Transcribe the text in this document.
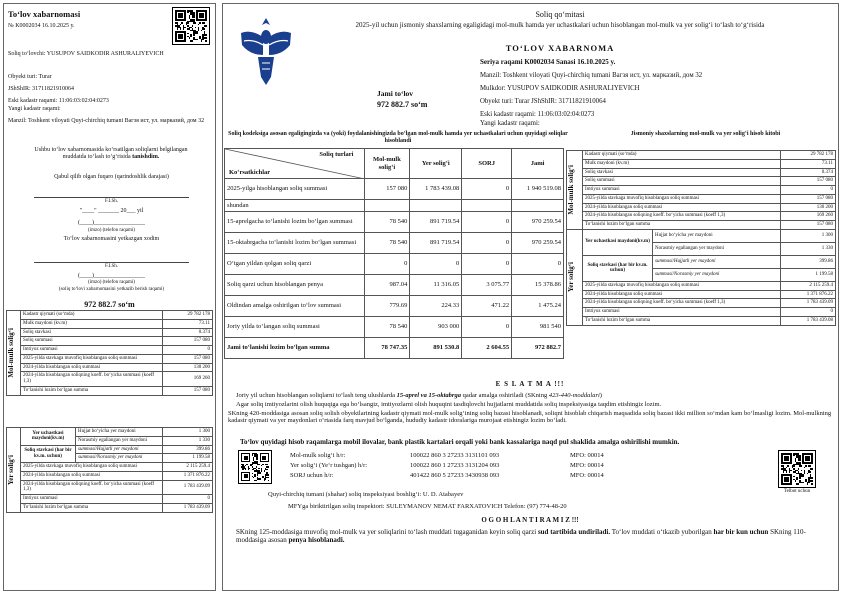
To‘lov xabarnomasi
№ K0002034 16.10.2025 y.
Soliq to‘lovchi: YUSUPOV SAIDKODIR ASHURALIYEVICH
Obyekt turi: Turar
JShShIR: 31711821910064
Eski kadastr raqami: 11:06:03:02:04:0273
Yangi kadastr raqami:
Manzil: Toshkent viloyati Quyi-chirchiq tumani Вагзя ист, ул. марказий, дом 32
Ushbu to‘lov xabarnomasida ko‘rsatilgan soliqlarni belgilangan muddatda to‘lash to‘g‘risida tanishdim.
Qabul qilib olgan fuqaro (qarindoshlik darajasi)
F.I.Sh.
"____" _______ 20___ yil
(____)_________________
(imzo) (telefon raqami)
To‘lov xabarnomasini yetkazgan xodim
F.I.Sh.
(____)_________________
(imzo) (telefon raqami)
(soliq to‘lovi xabarnomasini yetkazib berish raqami)
972 882.7 so‘m
Mol-mulk solig‘i	Kadastr qiymati (so‘mda)	29 782 178
	Mulk maydoni (kv.m)	73.11
	Soliq stavkasi	0.374
	Soliq summasi	157 080
	Imtiyoz summasi	0
	2025-yilda stavkaga muvofiq hisoblangan soliq summasi	157 080
	2024-yilda hisoblangan soliq summasi	130 200
	2024-yilda hisoblangan soliqning koeff. bo‘yicha summasi (koeff 1,3)	169 260
	To‘lanishi lozim bo‘lgan summa	157 080
Yer solig‘i	Yer uchastkasi maydoni(kv.m)	Hujjat bo‘yicha yer maydoni	1 300
		Norasmiy egallangan yer maydoni	1 330
	Soliq stavkasi (har bir kv.m. uchun)	summasi/Hujjatli yer maydoni	399.86
		summasi/Norasmiy yer maydoni	1 199.58
	2025-yilda stavkaga muvofiq hisoblangan soliq summasi		2 115 259.4
	2024-yilda hisoblangan soliq summasi		1 371 876.22
	2024-yilda hisoblangan soliqning koeff. bo‘yicha summasi (koeff 1,3)		1 783 439.09
	Imtiyoz summasi		0
	To‘lanishi lozim bo‘lgan summa		1 783 439.09
Soliq qo‘mitasi
2025-yil uchun jismoniy shaxslarning egaligidagi mol-mulk hamda yer uchastkalari uchun hisoblangan mol-mulk va yer solig‘i to‘lash to‘g‘risida
TO‘LOV XABARNOMA
Seriya raqami K0002034 Sanasi 16.10.2025 y.
Manzil: Toshkent viloyati Quyi-chirchiq tumani Вагзя ист, ул. марказий, дом 32
Mulkdor: YUSUPOV SAIDKODIR ASHURALIYEVICH
Obyekt turi: Turar JShShIR: 31711821910064
Eski kadastr raqami: 11:06:03:02:04:0273
Yangi kadastr raqami:
Jami to‘lov
972 882.7 so‘m
Soliq kodeksiga asosan egaligingizda va (yoki) foydalanishingizda bo‘lgan mol-mulk hamda yer uchastkalari uchun quyidagi soliqlar hisoblandi
Jismoniy shaxslarning mol-mulk va yer solig‘i hisob kitobi
Soliq turlari
Ko‘rsatkichlar	Mol-mulk solig‘i	Yer solig‘i	SORJ	Jami
2025-yilga hisoblangan soliq summasi	157 080	1 783 439.08	0	1 940 519.08
shundan				
15-aprelgacha to‘lanishi lozim bo‘lgan summasi	78 540	891 719.54	0	970 259.54
15-oktabrgacha to‘lanishi lozim bo‘lgan summasi	78 540	891 719.54	0	970 259.54
O‘tgan yildan qolgan soliq qarzi	0	0	0	0
Soliq qarzi uchun hisoblangan penya	987.04	11 316.05	3 075.77	15 378.86
Oldindan amalga oshirilgan to‘lov summasi	779.69	224.33	471.22	1 475.24
Joriy yilda to‘langan soliq summasi	78 540	903 000	0	981 540
Jami to‘lanishi lozim bo‘lgan summa	78 747.35	891 530.8	2 604.55	972 882.7
Mol-mulk solig‘i	Kadastr qiymati (so‘mda)		29 782 178
	Mulk maydoni (kv.m)		73.11
	Soliq stavkasi		0.374
	Soliq summasi		157 080
	Imtiyoz summasi		0
	2025-yilda stavkaga muvofiq hisoblangan soliq summasi		157 080
	2024-yilda hisoblangan soliq summasi		130 200
	2024-yilda hisoblangan soliqning koeff. bo‘yicha summasi (koeff 1,3)		169 260
	To‘lanishi lozim bo‘lgan summa		157 080

Yer solig‘i	Yer uchastkasi maydoni(kv.m)	Hujjat bo‘yicha yer maydoni	1 300
		Norasmiy egallangan yer maydoni	1 330
	Soliq stavkasi (har bir kv.m. uchun)	summasi/Hujjatli yer maydoni	399.86
		summasi/Norasmiy yer maydoni	1 199.58
	2025-yilda stavkaga muvofiq hisoblangan soliq summasi		2 115 259.4
	2024-yilda hisoblangan soliq summasi		1 371 876.22
	2024-yilda hisoblangan soliqning koeff. bo‘yicha summasi (koeff 1,3)		1 783 439.09
	Imtiyoz summasi		0
	To‘lanishi lozim bo‘lgan summa		1 783 439.08
E S L A T M A !!!
Joriy yil uchun hisoblangan soliqlarni to‘lash teng ulushlarda 15-aprel va 15-oktabrga qadar amalga oshiriladi (SKning 423-440-moddalari)
Agar soliq imtiyozlarini olish huquqiga ega bo‘lsangiz, imtiyozlarni olish huquqini tasdiqlovchi hujjatlarni muddatida soliq inspeksiyasiga taqdim etishingiz lozim.
SKning 420-moddasiga asosan soliq solish obyektlarining kadastr qiymati mol-mulk solig‘ining soliq bazasi hisoblanadi, soliqni hisoblab chiqarish maqsadida soliq bazasi ikki million so‘mdan kam bo‘lmasligi lozim. Mol-mulkning kadastr qiymati va yer maydonlari o‘rtasida farq mavjud bo‘lganda, hududiy kadastr idoralariga murojaat etishingiz lozim bo‘ladi.
To‘lov quyidagi hisob raqamlarga mobil ilovalar, bank plastik kartalari orqali yoki bank kassalariga naqd pul shaklida amalga oshirilishi mumkin.
Mol-mulk solig‘i h/r:	100022 860 3 27233 3131101 093	MFO: 00014
Yer solig‘i (Ye‘r tushgan) h/r:	100022 860 1 27233 3131204 093	MFO: 00014
SORJ uchun h/r:	401422 860 5 27233 3430938 093	MFO: 00014
Telbot uchun
Quyi-chirchiq tumani (shahar) soliq inspeksiyasi boshlig‘i: U. D. Atabayev
MFYga biriktirilgan soliq inspektori: SULEYMANOV NEMAT FARXATOVICH Telefon: (97) 774-48-20
O G O H L A N T I R A M I Z !!!
SKning 125-moddasiga muvofiq mol-mulk va yer soliqlarini to‘lash muddati tugaganidan keyin soliq qarzi sud tartibida undiriladi. To‘lov muddati o‘tkazib yuborilgan har bir kun uchun SKning 110-moddasiga asosan penya hisoblanadi.
